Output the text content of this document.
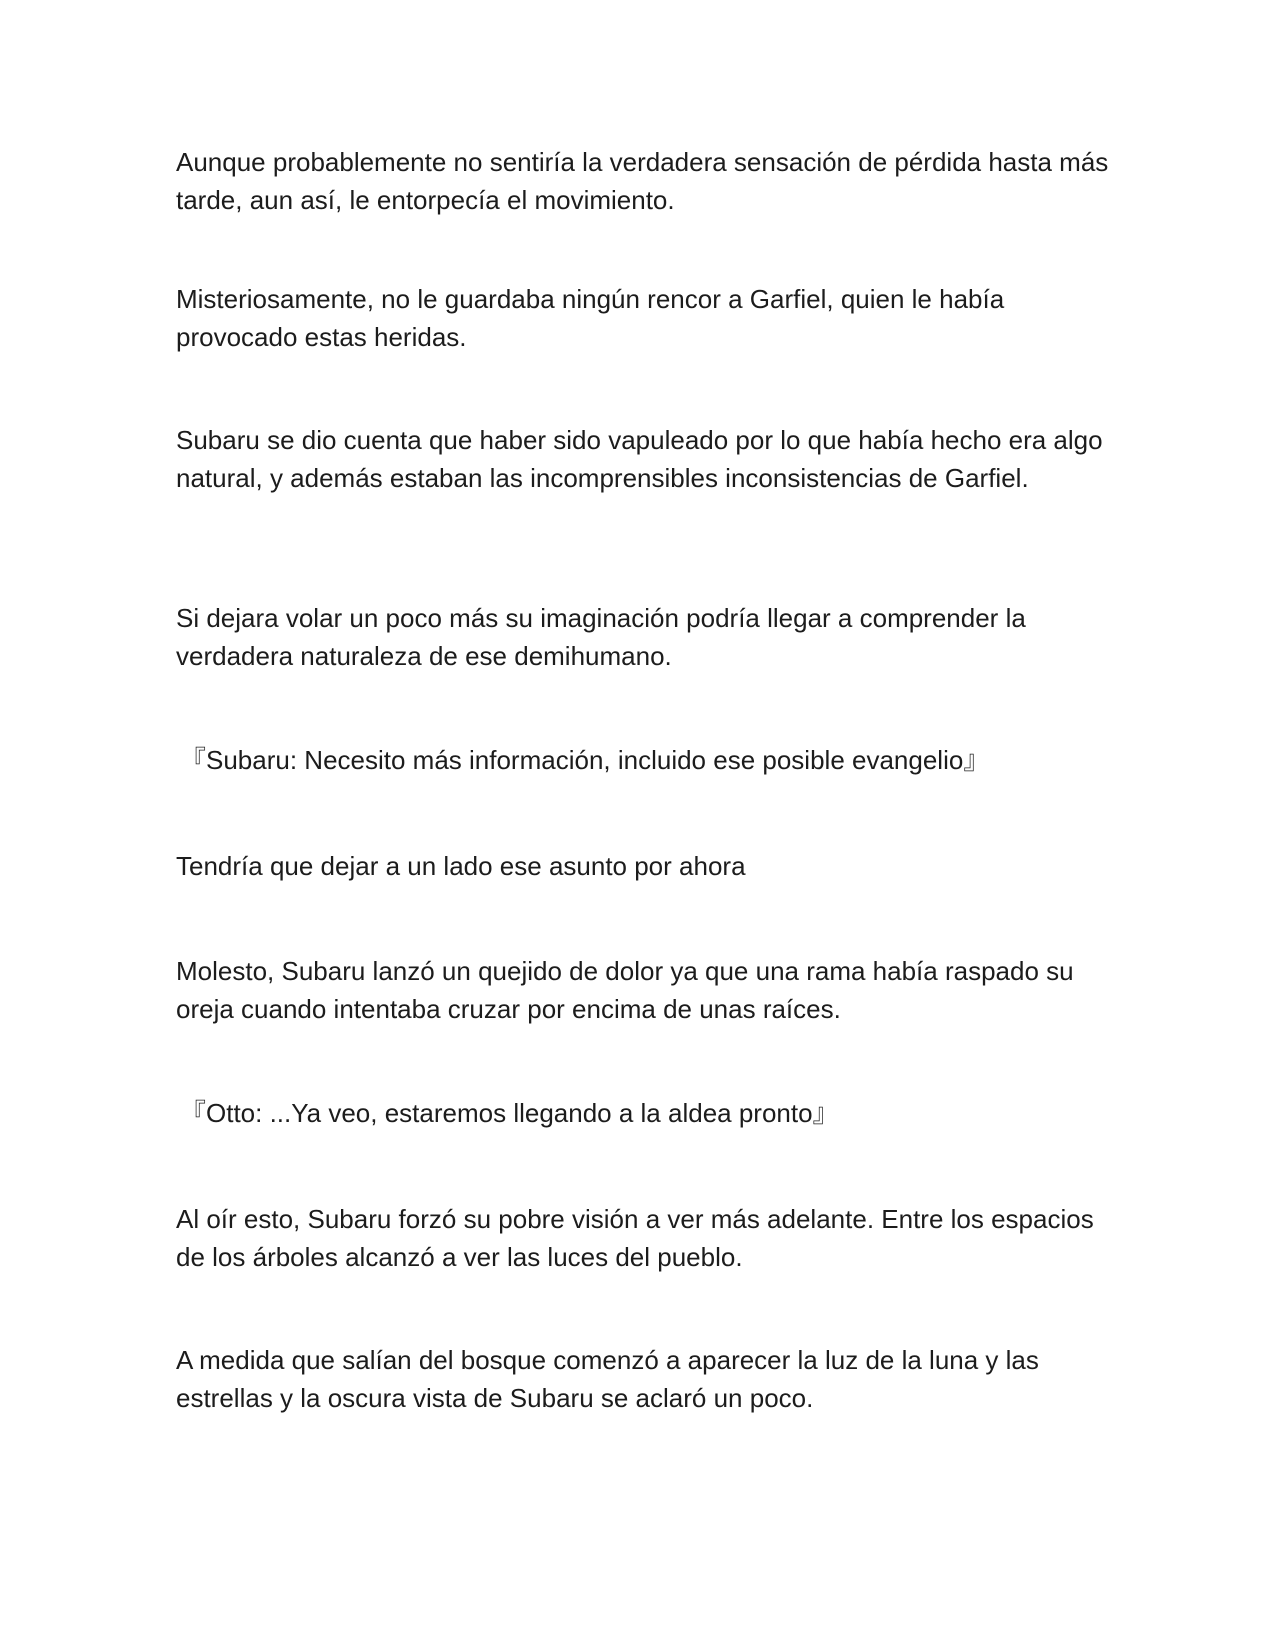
Aunque probablemente no sentiría la verdadera sensación de pérdida hasta más tarde, aun así, le entorpecía el movimiento.

Misteriosamente, no le guardaba ningún rencor a Garfiel, quien le había provocado estas heridas.

Subaru se dio cuenta que haber sido vapuleado por lo que había hecho era algo natural, y además estaban las incomprensibles inconsistencias de Garfiel.

Si dejara volar un poco más su imaginación podría llegar a comprender la verdadera naturaleza de ese demihumano.

『Subaru: Necesito más información, incluido ese posible evangelio』

Tendría que dejar a un lado ese asunto por ahora

Molesto, Subaru lanzó un quejido de dolor ya que una rama había raspado su oreja cuando intentaba cruzar por encima de unas raíces.

『Otto: ...Ya veo, estaremos llegando a la aldea pronto』

Al oír esto, Subaru forzó su pobre visión a ver más adelante. Entre los espacios de los árboles alcanzó a ver las luces del pueblo.

A medida que salían del bosque comenzó a aparecer la luz de la luna y las estrellas y la oscura vista de Subaru se aclaró un poco.
